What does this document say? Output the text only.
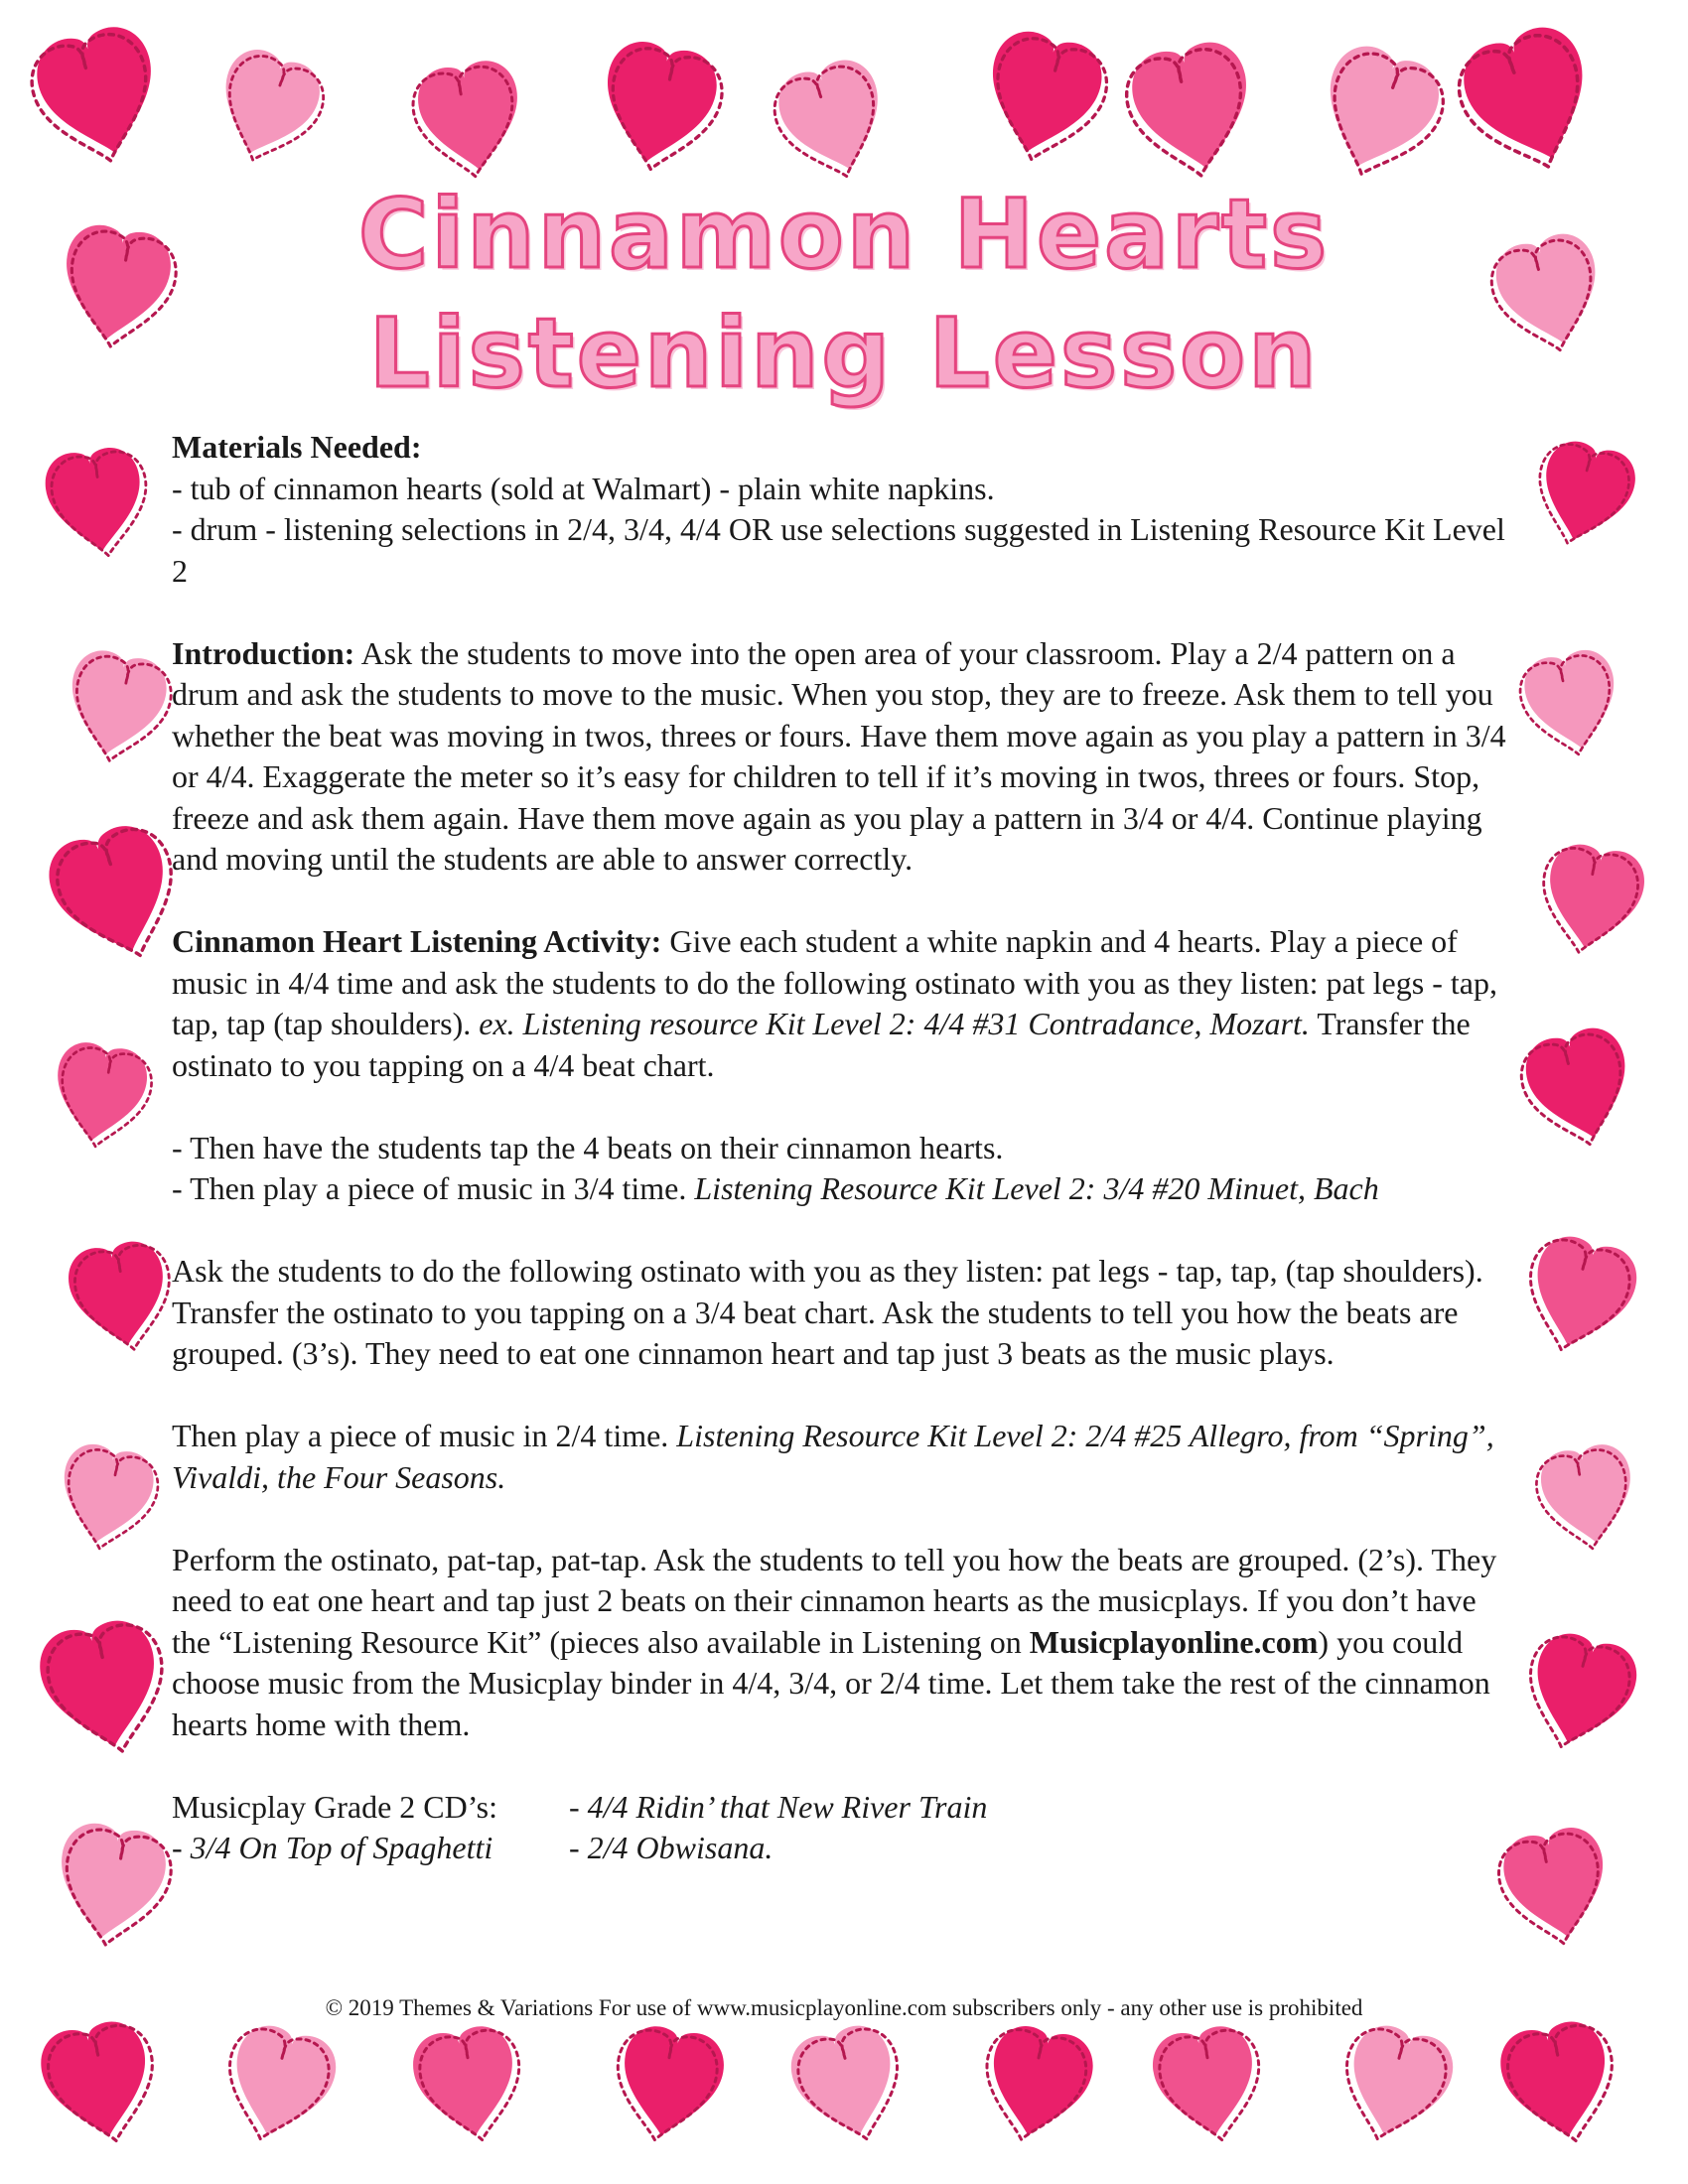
Cinnamon Hearts
Listening Lesson

Materials Needed:
- tub of cinnamon hearts (sold at Walmart) - plain white napkins.
- drum - listening selections in 2/4, 3/4, 4/4 OR use selections suggested in Listening Resource Kit Level 2

Introduction: Ask the students to move into the open area of your classroom. Play a 2/4 pattern on a drum and ask the students to move to the music. When you stop, they are to freeze. Ask them to tell you whether the beat was moving in twos, threes or fours. Have them move again as you play a pattern in 3/4 or 4/4. Exaggerate the meter so it’s easy for children to tell if it’s moving in twos, threes or fours. Stop, freeze and ask them again. Have them move again as you play a pattern in 3/4 or 4/4. Continue playing and moving until the students are able to answer correctly.

Cinnamon Heart Listening Activity: Give each student a white napkin and 4 hearts. Play a piece of music in 4/4 time and ask the students to do the following ostinato with you as they listen: pat legs - tap, tap, tap (tap shoulders). ex. Listening resource Kit Level 2: 4/4 #31 Contradance, Mozart. Transfer the ostinato to you tapping on a 4/4 beat chart.

- Then have the students tap the 4 beats on their cinnamon hearts.
- Then play a piece of music in 3/4 time. Listening Resource Kit Level 2: 3/4 #20 Minuet, Bach

Ask the students to do the following ostinato with you as they listen: pat legs - tap, tap, (tap shoulders). Transfer the ostinato to you tapping on a 3/4 beat chart. Ask the students to tell you how the beats are grouped. (3’s). They need to eat one cinnamon heart and tap just 3 beats as the music plays.

Then play a piece of music in 2/4 time. Listening Resource Kit Level 2: 2/4 #25 Allegro, from “Spring”, Vivaldi, the Four Seasons.

Perform the ostinato, pat-tap, pat-tap. Ask the students to tell you how the beats are grouped. (2’s). They need to eat one heart and tap just 2 beats on their cinnamon hearts as the musicplays. If you don’t have the “Listening Resource Kit” (pieces also available in Listening on Musicplayonline.com) you could choose music from the Musicplay binder in 4/4, 3/4, or 2/4 time. Let them take the rest of the cinnamon hearts home with them.

Musicplay Grade 2 CD’s:	- 4/4 Ridin’ that New River Train
- 3/4 On Top of Spaghetti	- 2/4 Obwisana.
© 2019 Themes & Variations For use of www.musicplayonline.com subscribers only - any other use is prohibited
